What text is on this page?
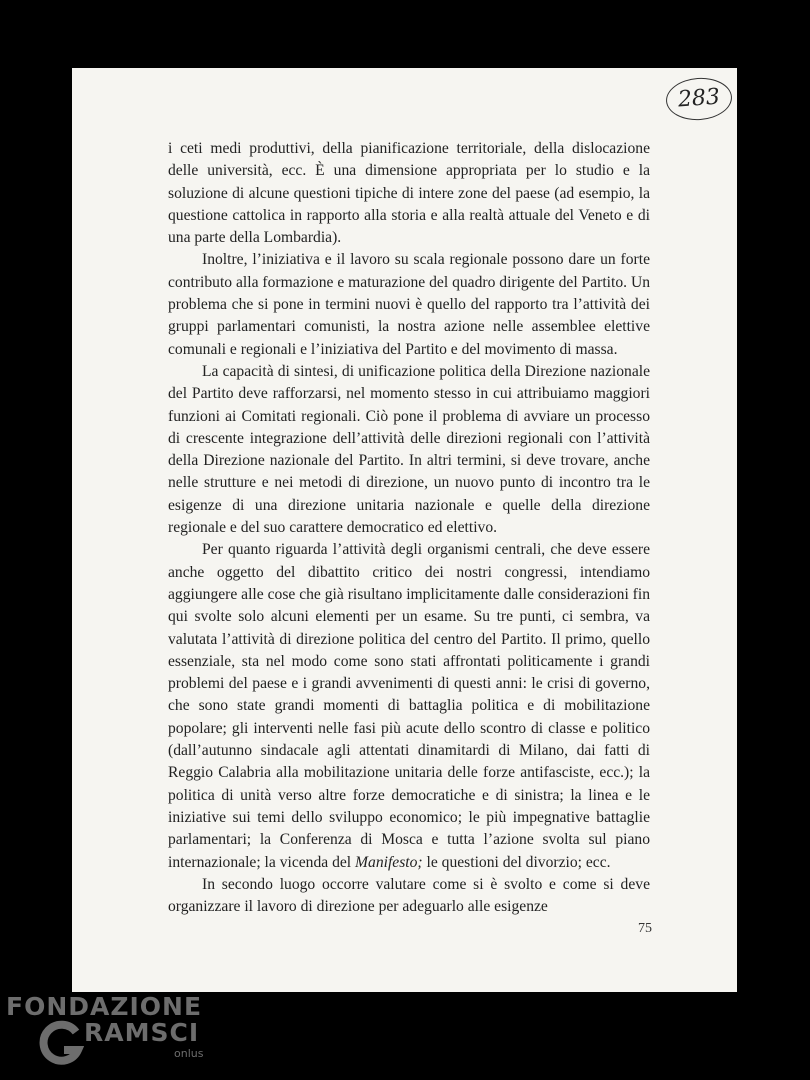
283

i ceti medi produttivi, della pianificazione territoriale, della dislocazione delle università, ecc. È una dimensione appropriata per lo studio e la soluzione di alcune questioni tipiche di intere zone del paese (ad esempio, la questione cattolica in rapporto alla storia e alla realtà attuale del Veneto e di una parte della Lombardia).

Inoltre, l’iniziativa e il lavoro su scala regionale possono dare un forte contributo alla formazione e maturazione del quadro dirigente del Partito. Un problema che si pone in termini nuovi è quello del rapporto tra l’attività dei gruppi parlamentari comunisti, la nostra azione nelle assemblee elettive comunali e regionali e l’iniziativa del Partito e del movimento di massa.

La capacità di sintesi, di unificazione politica della Direzione nazionale del Partito deve rafforzarsi, nel momento stesso in cui attribuiamo maggiori funzioni ai Comitati regionali. Ciò pone il problema di avviare un processo di crescente integrazione dell’attività delle direzioni regionali con l’attività della Direzione nazionale del Partito. In altri termini, si deve trovare, anche nelle strutture e nei metodi di direzione, un nuovo punto di incontro tra le esigenze di una direzione unitaria nazionale e quelle della direzione regionale e del suo carattere democratico ed elettivo.

Per quanto riguarda l’attività degli organismi centrali, che deve essere anche oggetto del dibattito critico dei nostri congressi, intendiamo aggiungere alle cose che già risultano implicitamente dalle considerazioni fin qui svolte solo alcuni elementi per un esame. Su tre punti, ci sembra, va valutata l’attività di direzione politica del centro del Partito. Il primo, quello essenziale, sta nel modo come sono stati affrontati politicamente i grandi problemi del paese e i grandi avvenimenti di questi anni: le crisi di governo, che sono state grandi momenti di battaglia politica e di mobilitazione popolare; gli interventi nelle fasi più acute dello scontro di classe e politico (dall’autunno sindacale agli attentati dinamitardi di Milano, dai fatti di Reggio Calabria alla mobilitazione unitaria delle forze antifasciste, ecc.); la politica di unità verso altre forze democratiche e di sinistra; la linea e le iniziative sui temi dello sviluppo economico; le più impegnative battaglie parlamentari; la Conferenza di Mosca e tutta l’azione svolta sul piano internazionale; la vicenda del Manifesto; le questioni del divorzio; ecc.

In secondo luogo occorre valutare come si è svolto e come si deve organizzare il lavoro di direzione per adeguarlo alle esigenze

75
FONDAZIONE
RAMSCI
onlus
